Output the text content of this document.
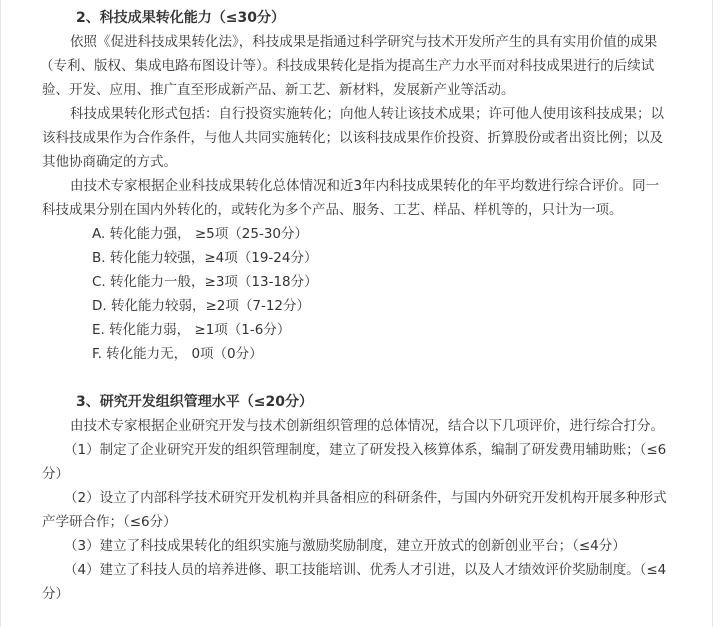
2、科技成果转化能力（≤30分）
依照《促进科技成果转化法》，科技成果是指通过科学研究与技术开发所产生的具有实用价值的成果
（专利、版权、集成电路布图设计等）。科技成果转化是指为提高生产力水平而对科技成果进行的后续试
验、开发、应用、推广直至形成新产品、新工艺、新材料，发展新产业等活动。
科技成果转化形式包括：自行投资实施转化；向他人转让该技术成果；许可他人使用该科技成果；以
该科技成果作为合作条件，与他人共同实施转化；以该科技成果作价投资、折算股份或者出资比例；以及
其他协商确定的方式。
由技术专家根据企业科技成果转化总体情况和近3年内科技成果转化的年平均数进行综合评价。同一
科技成果分别在国内外转化的，或转化为多个产品、服务、工艺、样品、样机等的，只计为一项。
A. 转化能力强， ≥5项（25-30分）
B. 转化能力较强，≥4项（19-24分）
C. 转化能力一般，≥3项（13-18分）
D. 转化能力较弱，≥2项（7-12分）
E. 转化能力弱， ≥1项（1-6分）
F. 转化能力无， 0项（0分）
3、研究开发组织管理水平（≤20分）
由技术专家根据企业研究开发与技术创新组织管理的总体情况，结合以下几项评价，进行综合打分。
（1）制定了企业研究开发的组织管理制度，建立了研发投入核算体系，编制了研发费用辅助账；（≤6
分）
（2）设立了内部科学技术研究开发机构并具备相应的科研条件，与国内外研究开发机构开展多种形式
产学研合作；（≤6分）
（3）建立了科技成果转化的组织实施与激励奖励制度，建立开放式的创新创业平台；（≤4分）
（4）建立了科技人员的培养进修、职工技能培训、优秀人才引进，以及人才绩效评价奖励制度。（≤4
分）
